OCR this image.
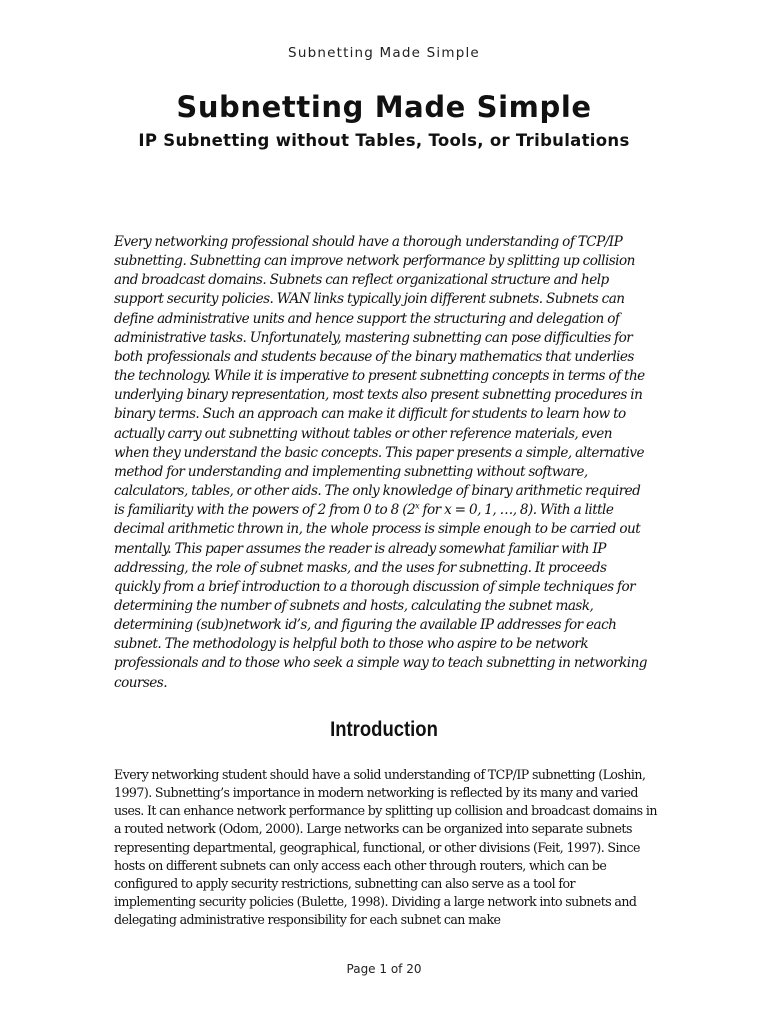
Subnetting Made Simple
Subnetting Made Simple
IP Subnetting without Tables, Tools, or Tribulations

Every networking professional should have a thorough understanding of TCP/IP subnetting. Subnetting can improve network performance by splitting up collision and broadcast domains. Subnets can reflect organizational structure and help support security policies. WAN links typically join different subnets. Subnets can define administrative units and hence support the structuring and delegation of administrative tasks. Unfortunately, mastering subnetting can pose difficulties for both professionals and students because of the binary mathematics that underlies the technology. While it is imperative to present subnetting concepts in terms of the underlying binary representation, most texts also present subnetting procedures in binary terms. Such an approach can make it difficult for students to learn how to actually carry out subnetting without tables or other reference materials, even when they understand the basic concepts. This paper presents a simple, alternative method for understanding and implementing subnetting without software, calculators, tables, or other aids. The only knowledge of binary arithmetic required is familiarity with the powers of 2 from 0 to 8 (2$^x$ for x = 0, 1, …, 8). With a little decimal arithmetic thrown in, the whole process is simple enough to be carried out mentally. This paper assumes the reader is already somewhat familiar with IP addressing, the role of subnet masks, and the uses for subnetting. It proceeds quickly from a brief introduction to a thorough discussion of simple techniques for determining the number of subnets and hosts, calculating the subnet mask, determining (sub)network id’s, and figuring the available IP addresses for each subnet. The methodology is helpful both to those who aspire to be network professionals and to those who seek a simple way to teach subnetting in networking courses.

Introduction

Every networking student should have a solid understanding of TCP/IP subnetting (Loshin, 1997). Subnetting’s importance in modern networking is reflected by its many and varied uses. It can enhance network performance by splitting up collision and broadcast domains in a routed network (Odom, 2000). Large networks can be organized into separate subnets representing departmental, geographical, functional, or other divisions (Feit, 1997). Since hosts on different subnets can only access each other through routers, which can be configured to apply security restrictions, subnetting can also serve as a tool for implementing security policies (Bulette, 1998). Dividing a large network into subnets and delegating administrative responsibility for each subnet can make

Page 1 of 20
